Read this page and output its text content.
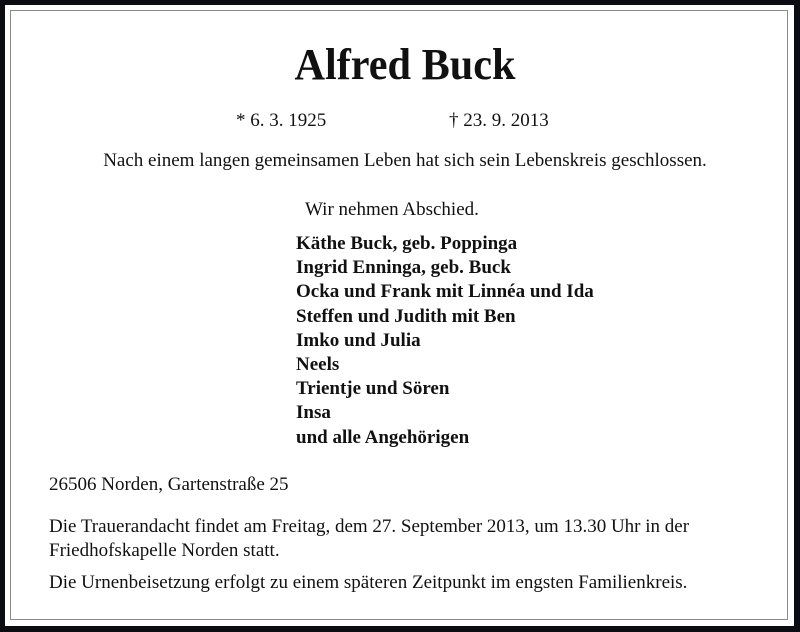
Alfred Buck
* 6. 3. 1925	† 23. 9. 2013
Nach einem langen gemeinsamen Leben hat sich sein Lebenskreis geschlossen.
Wir nehmen Abschied.
Käthe Buck, geb. Poppinga
Ingrid Enninga, geb. Buck
Ocka und Frank mit Linnéa und Ida
Steffen und Judith mit Ben
Imko und Julia
Neels
Trientje und Sören
Insa
und alle Angehörigen
26506 Norden, Gartenstraße 25
Die Trauerandacht findet am Freitag, dem 27. September 2013, um 13.30 Uhr in der Friedhofskapelle Norden statt.
Die Urnenbeisetzung erfolgt zu einem späteren Zeitpunkt im engsten Familienkreis.
